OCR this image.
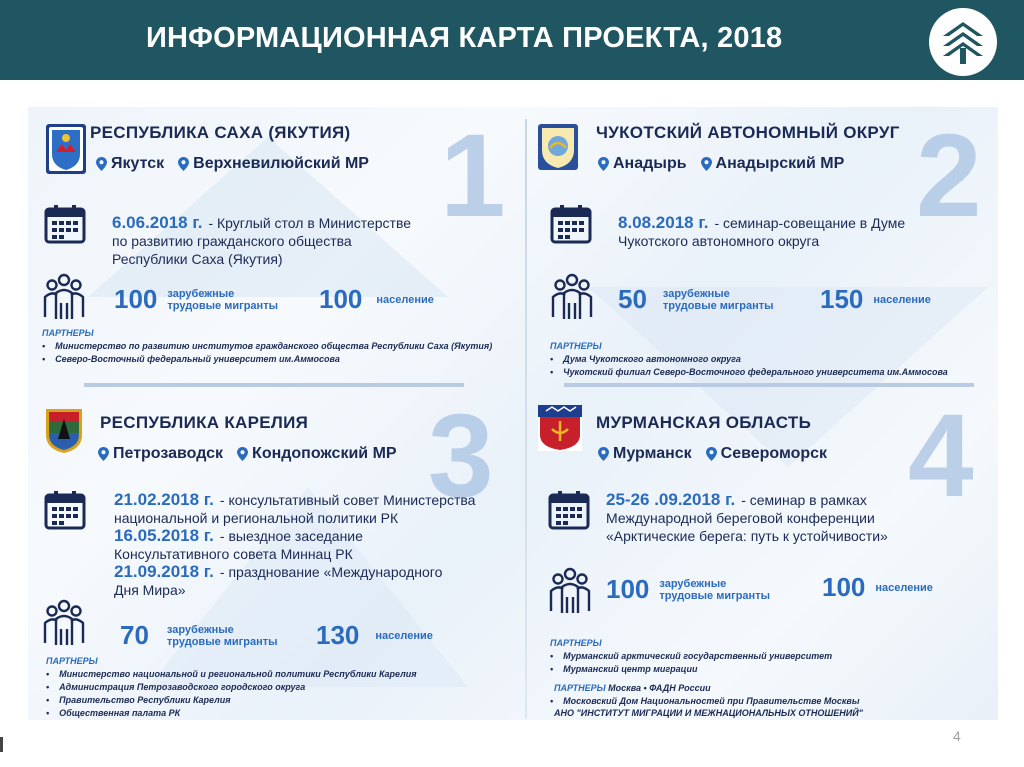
ИНФОРМАЦИОННАЯ КАРТА ПРОЕКТА, 2018
1
РЕСПУБЛИКА САХА (ЯКУТИЯ)
Якутск Верхневилюйский МР
6.06.2018 г. - Круглый стол в Министерстве
по развитию гражданского общества
Республики Саха (Якутия)
100 зарубежные
трудовые мигранты 100 население
ПАРТНЕРЫ
• Министерство по развитию институтов гражданского общества Республики Саха (Якутия)
• Северо-Восточный федеральный университет им.Аммосова
2
ЧУКОТСКИЙ АВТОНОМНЫЙ ОКРУГ
Анадырь Анадырский МР
8.08.2018 г. - семинар-совещание в Думе
Чукотского автономного округа
50 зарубежные
трудовые мигранты 150 население
ПАРТНЕРЫ
• Дума Чукотского автономного округа
• Чукотский филиал Северо-Восточного федерального университета им.Аммосова
3
РЕСПУБЛИКА КАРЕЛИЯ
Петрозаводск Кондопожский МР
21.02.2018 г. - консультативный совет Министерства
национальной и региональной политики РК
16.05.2018 г. - выездное заседание
Консультативного совета Миннац РК
21.09.2018 г. - празднование «Международного
Дня Мира»
70 зарубежные
трудовые мигранты 130 население
ПАРТНЕРЫ
• Министерство национальной и региональной политики Республики Карелия
• Администрация Петрозаводского городского округа
• Правительство Республики Карелия
• Общественная палата РК
4
МУРМАНСКАЯ ОБЛАСТЬ
Мурманск Североморск
25-26 .09.2018 г. - семинар в рамках
Международной береговой конференции
«Арктические берега: путь к устойчивости»
100 зарубежные
трудовые мигранты 100 население
ПАРТНЕРЫ
• Мурманский арктический государственный университет
• Мурманский центр миграции
ПАРТНЕРЫ Москва • ФАДН России
• Московский Дом Национальностей при Правительстве Москвы
АНО "ИНСТИТУТ МИГРАЦИИ И МЕЖНАЦИОНАЛЬНЫХ ОТНОШЕНИЙ"
4
